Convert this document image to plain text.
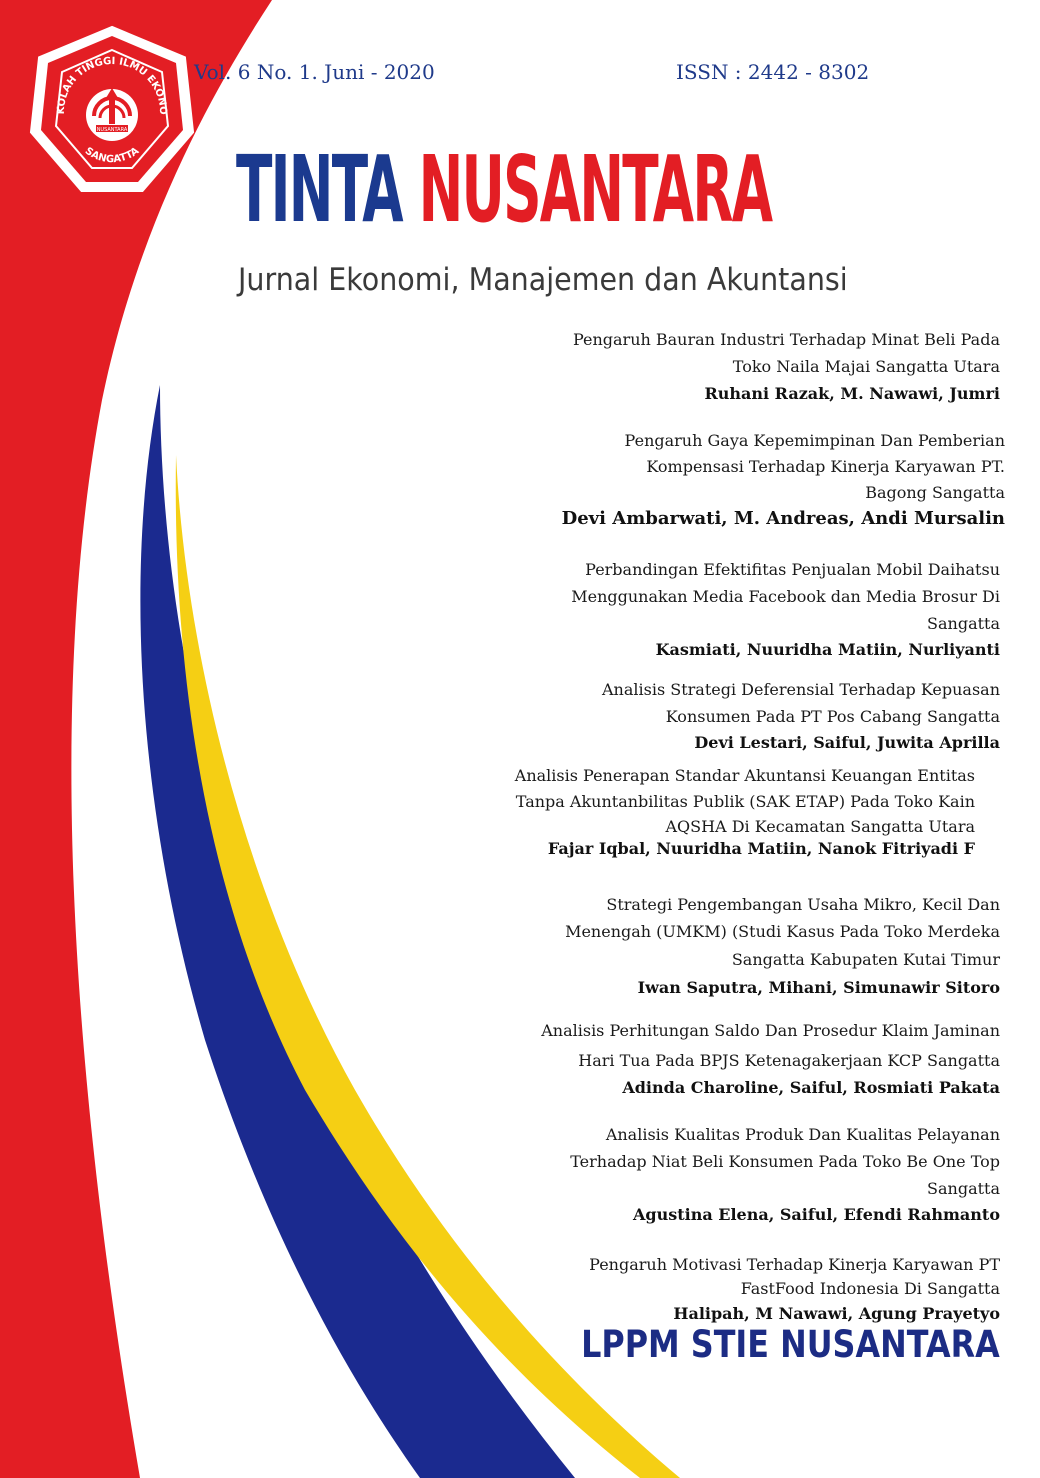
KOLAH TINGGI ILMU EKONO
SANGATTA
NUSANTARA
Vol. 6 No. 1. Juni - 2020	ISSN : 2442 - 8302
TINTA NUSANTARA
Jurnal Ekonomi, Manajemen dan Akuntansi
Pengaruh Bauran Industri Terhadap Minat Beli Pada
Toko Naila Majai Sangatta Utara
Ruhani Razak, M. Nawawi, Jumri
Pengaruh Gaya Kepemimpinan Dan Pemberian
Kompensasi Terhadap Kinerja Karyawan PT.
Bagong Sangatta
Devi Ambarwati, M. Andreas, Andi Mursalin
Perbandingan Efektifitas Penjualan Mobil Daihatsu
Menggunakan Media Facebook dan Media Brosur Di
Sangatta
Kasmiati, Nuuridha Matiin, Nurliyanti
Analisis Strategi Deferensial Terhadap Kepuasan
Konsumen Pada PT Pos Cabang Sangatta
Devi Lestari, Saiful, Juwita Aprilla
Analisis Penerapan Standar Akuntansi Keuangan Entitas
Tanpa Akuntanbilitas Publik (SAK ETAP) Pada Toko Kain
AQSHA Di Kecamatan Sangatta Utara
Fajar Iqbal, Nuuridha Matiin, Nanok Fitriyadi F
Strategi Pengembangan Usaha Mikro, Kecil Dan
Menengah (UMKM) (Studi Kasus Pada Toko Merdeka
Sangatta Kabupaten Kutai Timur
Iwan Saputra, Mihani, Simunawir Sitoro
Analisis Perhitungan Saldo Dan Prosedur Klaim Jaminan
Hari Tua Pada BPJS Ketenagakerjaan KCP Sangatta
Adinda Charoline, Saiful, Rosmiati Pakata
Analisis Kualitas Produk Dan Kualitas Pelayanan
Terhadap Niat Beli Konsumen Pada Toko Be One Top
Sangatta
Agustina Elena, Saiful, Efendi Rahmanto
Pengaruh Motivasi Terhadap Kinerja Karyawan PT
FastFood Indonesia Di Sangatta
Halipah, M Nawawi, Agung Prayetyo
LPPM STIE NUSANTARA
